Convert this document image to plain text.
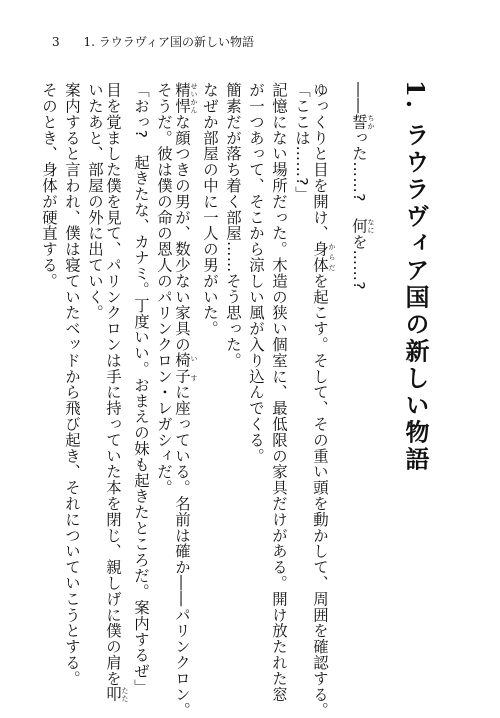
3 1. ラウラヴィア国の新しい物語
1. ラウラヴィア国の新しい物語
――誓 ちかった……?　何 なにを……?
ゆっくりと目を開け、身体 からだを起こす。そして、その重い頭を動かして、周囲を確認する。
「ここは……?」
記憶にない場所だった。木造の狭い個室に、最低限の家具だけがある。開け放たれた窓
が一つあって、そこから涼しい風が入り込んでくる。
簡素だが落ち着く部屋……そう思った。
なぜか部屋の中に一人の男がいた。
精悍 せいかんな顔つきの男が、数少ない家具の椅子 い すに座っている。名前は確か――パリンクロン。
そうだ。彼は僕の命の恩人のパリンクロン・レガシィだ。
「おっ?　起きたな、カナミ。丁度いい。おまえの妹も起きたところだ。案内するぜ」
目を覚ました僕を見て、パリンクロンは手に持っていた本を閉じ、親しげに僕の肩を叩 たた
いたあと、部屋の外に出ていく。
案内すると言われ、僕は寝ていたベッドから飛び起き、それについていこうとする。
そのとき、身体が硬直する。
